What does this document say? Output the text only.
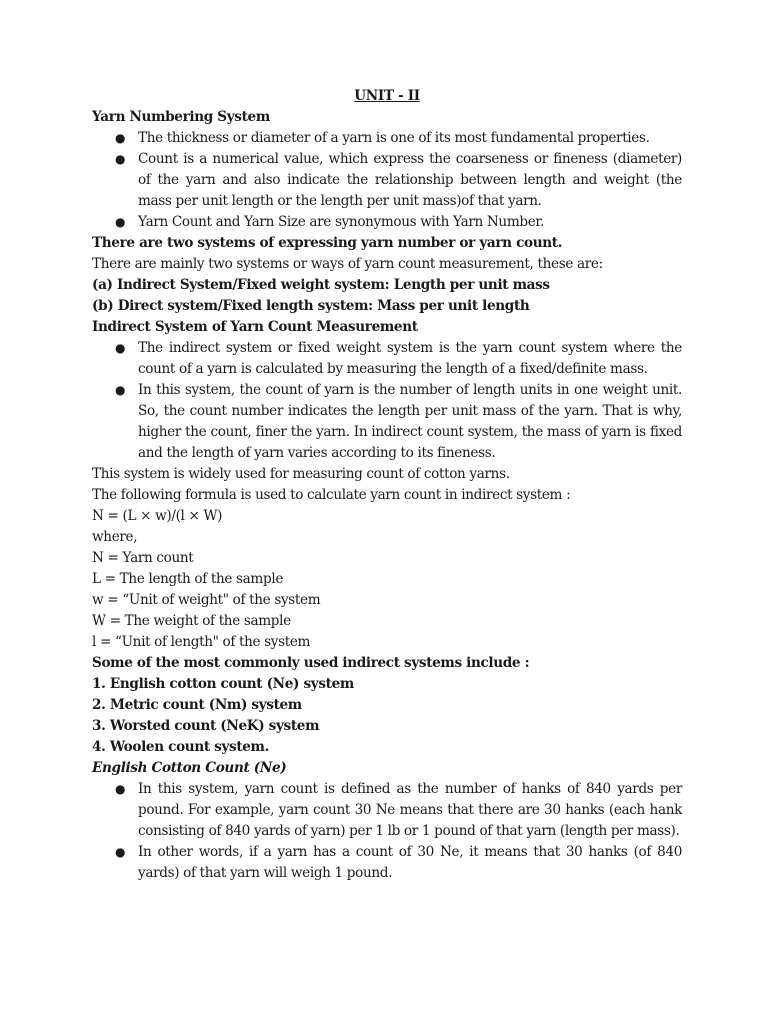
UNIT - II

Yarn Numbering System

● The thickness or diameter of a yarn is one of its most fundamental properties.
● Count is a numerical value, which express the coarseness or fineness (diameter) of the yarn and also indicate the relationship between length and weight (the mass per unit length or the length per unit mass)of that yarn.
● Yarn Count and Yarn Size are synonymous with Yarn Number.

There are two systems of expressing yarn number or yarn count.

There are mainly two systems or ways of yarn count measurement, these are:

(a) Indirect System/Fixed weight system: Length per unit mass

(b) Direct system/Fixed length system: Mass per unit length

Indirect System of Yarn Count Measurement

● The indirect system or fixed weight system is the yarn count system where the count of a yarn is calculated by measuring the length of a fixed/definite mass.
● In this system, the count of yarn is the number of length units in one weight unit. So, the count number indicates the length per unit mass of the yarn. That is why, higher the count, finer the yarn. In indirect count system, the mass of yarn is fixed and the length of yarn varies according to its fineness.

This system is widely used for measuring count of cotton yarns.

The following formula is used to calculate yarn count in indirect system :

N = (L × w)/(l × W)

where,

N = Yarn count

L = The length of the sample

w = “Unit of weight" of the system

W = The weight of the sample

l = “Unit of length" of the system

Some of the most commonly used indirect systems include :

1. English cotton count (Ne) system

2. Metric count (Nm) system

3. Worsted count (NeK) system

4. Woolen count system.

English Cotton Count (Ne)

● In this system, yarn count is defined as the number of hanks of 840 yards per pound. For example, yarn count 30 Ne means that there are 30 hanks (each hank consisting of 840 yards of yarn) per 1 lb or 1 pound of that yarn (length per mass).
● In other words, if a yarn has a count of 30 Ne, it means that 30 hanks (of 840 yards) of that yarn will weigh 1 pound.
